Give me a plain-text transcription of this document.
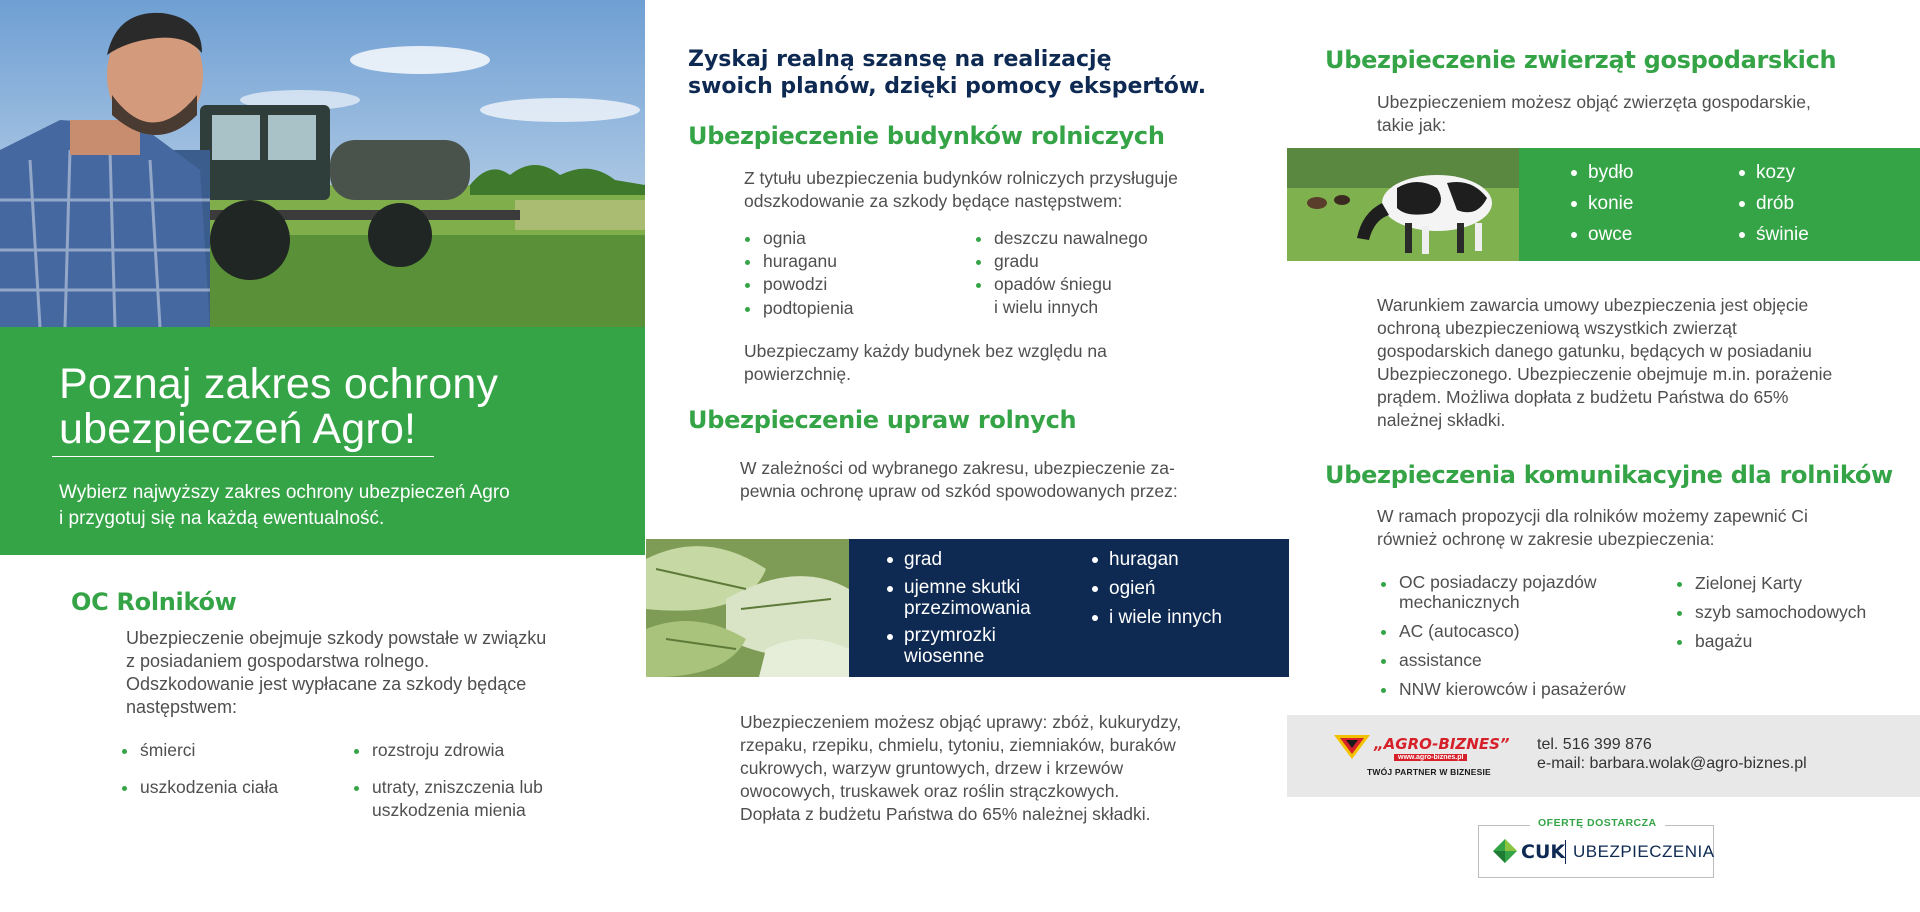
Poznaj zakres ochrony
ubezpieczeń Agro!
Wybierz najwyższy zakres ochrony ubezpieczeń Agro
i przygotuj się na każdą ewentualność.
OC Rolników

Ubezpieczenie obejmuje szkody powstałe w związku

z posiadaniem gospodarstwa rolnego.

Odszkodowanie jest wypłacane za szkody będące

następstwem:

śmierci
uszkodzenia ciała
rozstroju zdrowia
utraty, zniszczenia lub
uszkodzenia mienia
Zyskaj realną szansę na realizację
swoich planów, dzięki pomocy ekspertów.
Ubezpieczenie budynków rolniczych

Z tytułu ubezpieczenia budynków rolniczych przysługuje

odszkodowanie za szkody będące następstwem:

ognia
huraganu
powodzi
podtopienia
deszczu nawalnego
gradu
opadów śniegu
i wielu innych

Ubezpieczamy każdy budynek bez względu na

powierzchnię.

Ubezpieczenie upraw rolnych

W zależności od wybranego zakresu, ubezpieczenie za-

pewnia ochronę upraw od szkód spowodowanych przez:

grad
ujemne skutki
przezimowania
przymrozki
wiosenne
huragan
ogień
i wiele innych

Ubezpieczeniem możesz objąć uprawy: zbóż, kukurydzy,

rzepaku, rzepiku, chmielu, tytoniu, ziemniaków, buraków

cukrowych, warzyw gruntowych, drzew i krzewów

owocowych, truskawek oraz roślin strączkowych.

Dopłata z budżetu Państwa do 65% należnej składki.

Ubezpieczenie zwierząt gospodarskich

Ubezpieczeniem możesz objąć zwierzęta gospodarskie,

takie jak:

bydło
konie
owce
kozy
drób
świnie

Warunkiem zawarcia umowy ubezpieczenia jest objęcie

ochroną ubezpieczeniową wszystkich zwierząt

gospodarskich danego gatunku, będących w posiadaniu

Ubezpieczonego. Ubezpieczenie obejmuje m.in. porażenie

prądem. Możliwa dopłata z budżetu Państwa do 65%

należnej składki.

Ubezpieczenia komunikacyjne dla rolników

W ramach propozycji dla rolników możemy zapewnić Ci

również ochronę w zakresie ubezpieczenia:

OC posiadaczy pojazdów
mechanicznych
AC (autocasco)
assistance
NNW kierowców i pasażerów
Zielonej Karty
szyb samochodowych
bagażu
„AGRO-BIZNES”
www.agro-biznes.pl
TWÓJ PARTNER W BIZNESIE
tel. 516 399 876
e-mail: barbara.wolak@agro-biznes.pl
OFERTĘ DOSTARCZA
CUK UBEZPIECZENIA
